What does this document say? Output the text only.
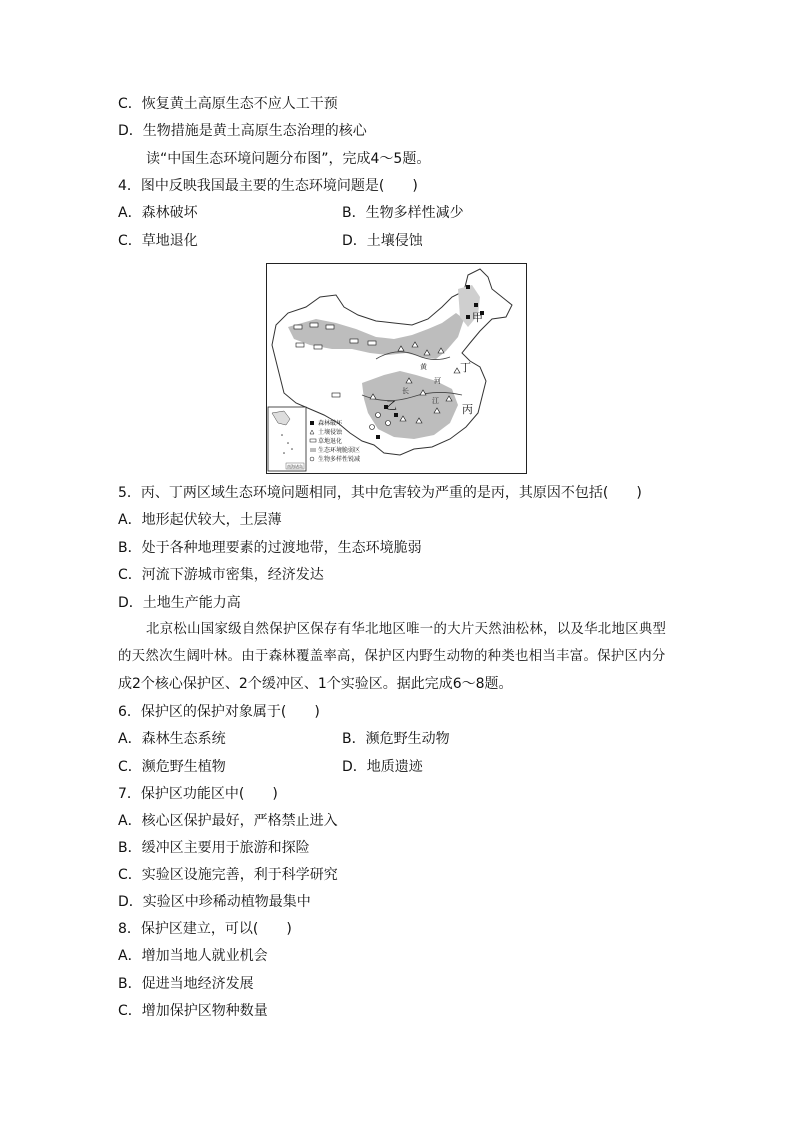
C．恢复黄土高原生态不应人工干预
D．生物措施是黄土高原生态治理的核心
读“中国生态环境问题分布图”，完成4～5题。
4．图中反映我国最主要的生态环境问题是(　　)
A．森林破坏	B．生物多样性减少
C．草地退化	D．土壤侵蚀
甲
丁
丙
乙
黄
河
长
江
南海诸岛
森林破坏
土壤侵蚀
草地退化
生态环境脆弱区
生物多样性锐减
5．丙、丁两区域生态环境问题相同，其中危害较为严重的是丙，其原因不包括(　　)
A．地形起伏较大，土层薄
B．处于各种地理要素的过渡地带，生态环境脆弱
C．河流下游城市密集，经济发达
D．土地生产能力高
北京松山国家级自然保护区保存有华北地区唯一的大片天然油松林，以及华北地区典型
的天然次生阔叶林。由于森林覆盖率高，保护区内野生动物的种类也相当丰富。保护区内分
成2个核心保护区、2个缓冲区、1个实验区。据此完成6～8题。
6．保护区的保护对象属于(　　)
A．森林生态系统	B．濒危野生动物
C．濒危野生植物	D．地质遗迹
7．保护区功能区中(　　)
A．核心区保护最好，严格禁止进入
B．缓冲区主要用于旅游和探险
C．实验区设施完善，利于科学研究
D．实验区中珍稀动植物最集中
8．保护区建立，可以(　　)
A．增加当地人就业机会
B．促进当地经济发展
C．增加保护区物种数量
